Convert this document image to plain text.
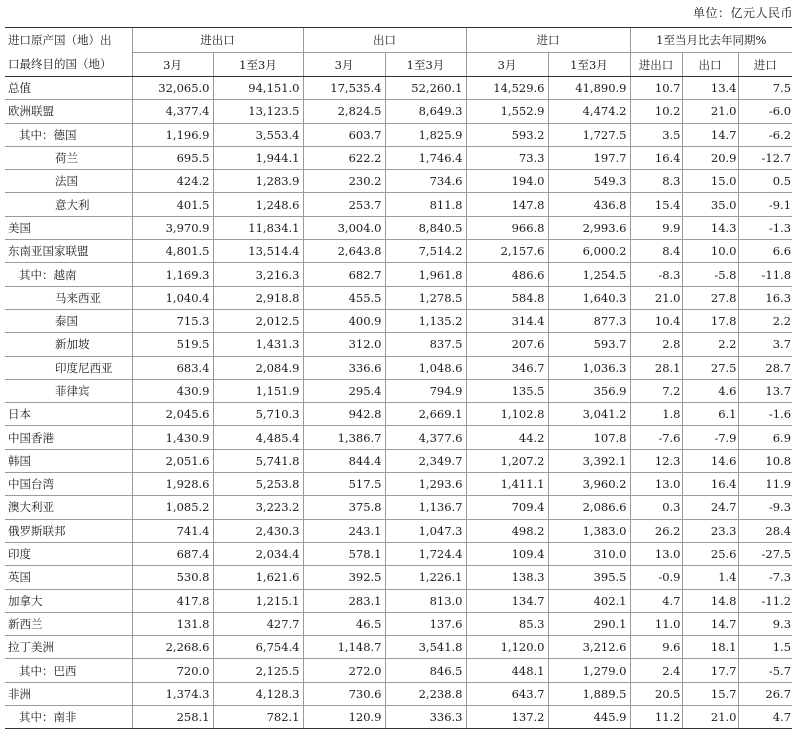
单位：亿元人民币
进口原产国（地）出	进出口		出口		进口		1至当月比去年同期%		
口最终目的国（地）	3月	1至3月	3月	1至3月	3月	1至3月	进出口	出口	进口
总值	32,065.0	94,151.0	17,535.4	52,260.1	14,529.6	41,890.9	10.7	13.4	7.5
欧洲联盟	4,377.4	13,123.5	2,824.5	8,649.3	1,552.9	4,474.2	10.2	21.0	-6.0
其中：德国	1,196.9	3,553.4	603.7	1,825.9	593.2	1,727.5	3.5	14.7	-6.2
荷兰	695.5	1,944.1	622.2	1,746.4	73.3	197.7	16.4	20.9	-12.7
法国	424.2	1,283.9	230.2	734.6	194.0	549.3	8.3	15.0	0.5
意大利	401.5	1,248.6	253.7	811.8	147.8	436.8	15.4	35.0	-9.1
美国	3,970.9	11,834.1	3,004.0	8,840.5	966.8	2,993.6	9.9	14.3	-1.3
东南亚国家联盟	4,801.5	13,514.4	2,643.8	7,514.2	2,157.6	6,000.2	8.4	10.0	6.6
其中：越南	1,169.3	3,216.3	682.7	1,961.8	486.6	1,254.5	-8.3	-5.8	-11.8
马来西亚	1,040.4	2,918.8	455.5	1,278.5	584.8	1,640.3	21.0	27.8	16.3
泰国	715.3	2,012.5	400.9	1,135.2	314.4	877.3	10.4	17.8	2.2
新加坡	519.5	1,431.3	312.0	837.5	207.6	593.7	2.8	2.2	3.7
印度尼西亚	683.4	2,084.9	336.6	1,048.6	346.7	1,036.3	28.1	27.5	28.7
菲律宾	430.9	1,151.9	295.4	794.9	135.5	356.9	7.2	4.6	13.7
日本	2,045.6	5,710.3	942.8	2,669.1	1,102.8	3,041.2	1.8	6.1	-1.6
中国香港	1,430.9	4,485.4	1,386.7	4,377.6	44.2	107.8	-7.6	-7.9	6.9
韩国	2,051.6	5,741.8	844.4	2,349.7	1,207.2	3,392.1	12.3	14.6	10.8
中国台湾	1,928.6	5,253.8	517.5	1,293.6	1,411.1	3,960.2	13.0	16.4	11.9
澳大利亚	1,085.2	3,223.2	375.8	1,136.7	709.4	2,086.6	0.3	24.7	-9.3
俄罗斯联邦	741.4	2,430.3	243.1	1,047.3	498.2	1,383.0	26.2	23.3	28.4
印度	687.4	2,034.4	578.1	1,724.4	109.4	310.0	13.0	25.6	-27.5
英国	530.8	1,621.6	392.5	1,226.1	138.3	395.5	-0.9	1.4	-7.3
加拿大	417.8	1,215.1	283.1	813.0	134.7	402.1	4.7	14.8	-11.2
新西兰	131.8	427.7	46.5	137.6	85.3	290.1	11.0	14.7	9.3
拉丁美洲	2,268.6	6,754.4	1,148.7	3,541.8	1,120.0	3,212.6	9.6	18.1	1.5
其中：巴西	720.0	2,125.5	272.0	846.5	448.1	1,279.0	2.4	17.7	-5.7
非洲	1,374.3	4,128.3	730.6	2,238.8	643.7	1,889.5	20.5	15.7	26.7
其中：南非	258.1	782.1	120.9	336.3	137.2	445.9	11.2	21.0	4.7
